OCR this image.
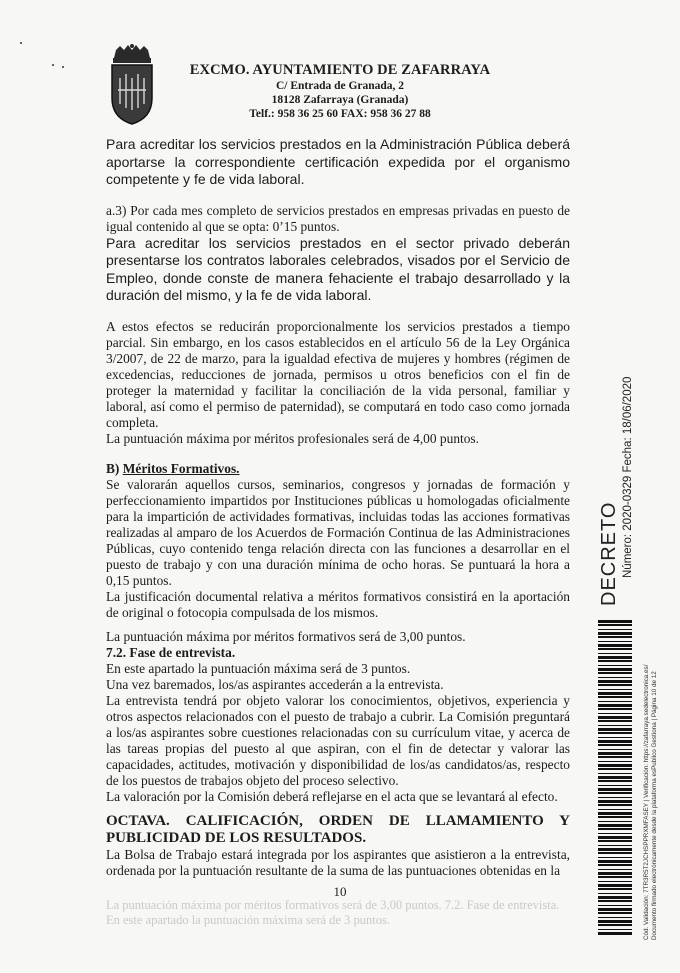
EXCMO. AYUNTAMIENTO DE ZAFARRAYA
C/ Entrada de Granada, 2
18128 Zafarraya (Granada)
Telf.: 958 36 25 60 FAX: 958 36 27 88

Para acreditar los servicios prestados en la Administración Pública deberá aportarse la correspondiente certificación expedida por el organismo competente y fe de vida laboral.

a.3) Por cada mes completo de servicios prestados en empresas privadas en puesto de igual contenido al que se opta: 0’15 puntos.

Para acreditar los servicios prestados en el sector privado deberán presentarse los contratos laborales celebrados, visados por el Servicio de Empleo, donde conste de manera fehaciente el trabajo desarrollado y la duración del mismo, y la fe de vida laboral.

A estos efectos se reducirán proporcionalmente los servicios prestados a tiempo parcial. Sin embargo, en los casos establecidos en el artículo 56 de la Ley Orgánica 3/2007, de 22 de marzo, para la igualdad efectiva de mujeres y hombres (régimen de excedencias, reducciones de jornada, permisos u otros beneficios con el fin de proteger la maternidad y facilitar la conciliación de la vida personal, familiar y laboral, así como el permiso de paternidad), se computará en todo caso como jornada completa.

La puntuación máxima por méritos profesionales será de 4,00 puntos.

B) Méritos Formativos.

Se valorarán aquellos cursos, seminarios, congresos y jornadas de formación y perfeccionamiento impartidos por Instituciones públicas u homologadas oficialmente para la impartición de actividades formativas, incluidas todas las acciones formativas realizadas al amparo de los Acuerdos de Formación Continua de las Administraciones Públicas, cuyo contenido tenga relación directa con las funciones a desarrollar en el puesto de trabajo y con una duración mínima de ocho horas. Se puntuará la hora a 0,15 puntos.

La justificación documental relativa a méritos formativos consistirá en la aportación de original o fotocopia compulsada de los mismos.

La puntuación máxima por méritos formativos será de 3,00 puntos.

7.2. Fase de entrevista.

En este apartado la puntuación máxima será de 3 puntos.

Una vez baremados, los/as aspirantes accederán a la entrevista.

La entrevista tendrá por objeto valorar los conocimientos, objetivos, experiencia y otros aspectos relacionados con el puesto de trabajo a cubrir. La Comisión preguntará a los/as aspirantes sobre cuestiones relacionadas con su currículum vitae, y acerca de las tareas propias del puesto al que aspiran, con el fin de detectar y valorar las capacidades, actitudes, motivación y disponibilidad de los/as candidatos/as, respecto de los puestos de trabajos objeto del proceso selectivo.

La valoración por la Comisión deberá reflejarse en el acta que se levantará al efecto.

OCTAVA. CALIFICACIÓN, ORDEN DE LLAMAMIENTO Y PUBLICIDAD DE LOS RESULTADOS.

La Bolsa de Trabajo estará integrada por los aspirantes que asistieron a la entrevista, ordenada por la puntuación resultante de la suma de las puntuaciones obtenidas en la

10
La puntuación máxima por méritos formativos será de 3,00 puntos. 7.2. Fase de entrevista. En este apartado la puntuación máxima será de 3 puntos.
DECRETO Número: 2020-0329 Fecha: 18/06/2020
Cód. Validación: 7TR3R5T2JCHSPPRXMFASEY | Verificación: https://zafarraya.sedelectronica.es/ Documento firmado electrónicamente desde la plataforma esPublico Gestiona | Página 10 de 12
